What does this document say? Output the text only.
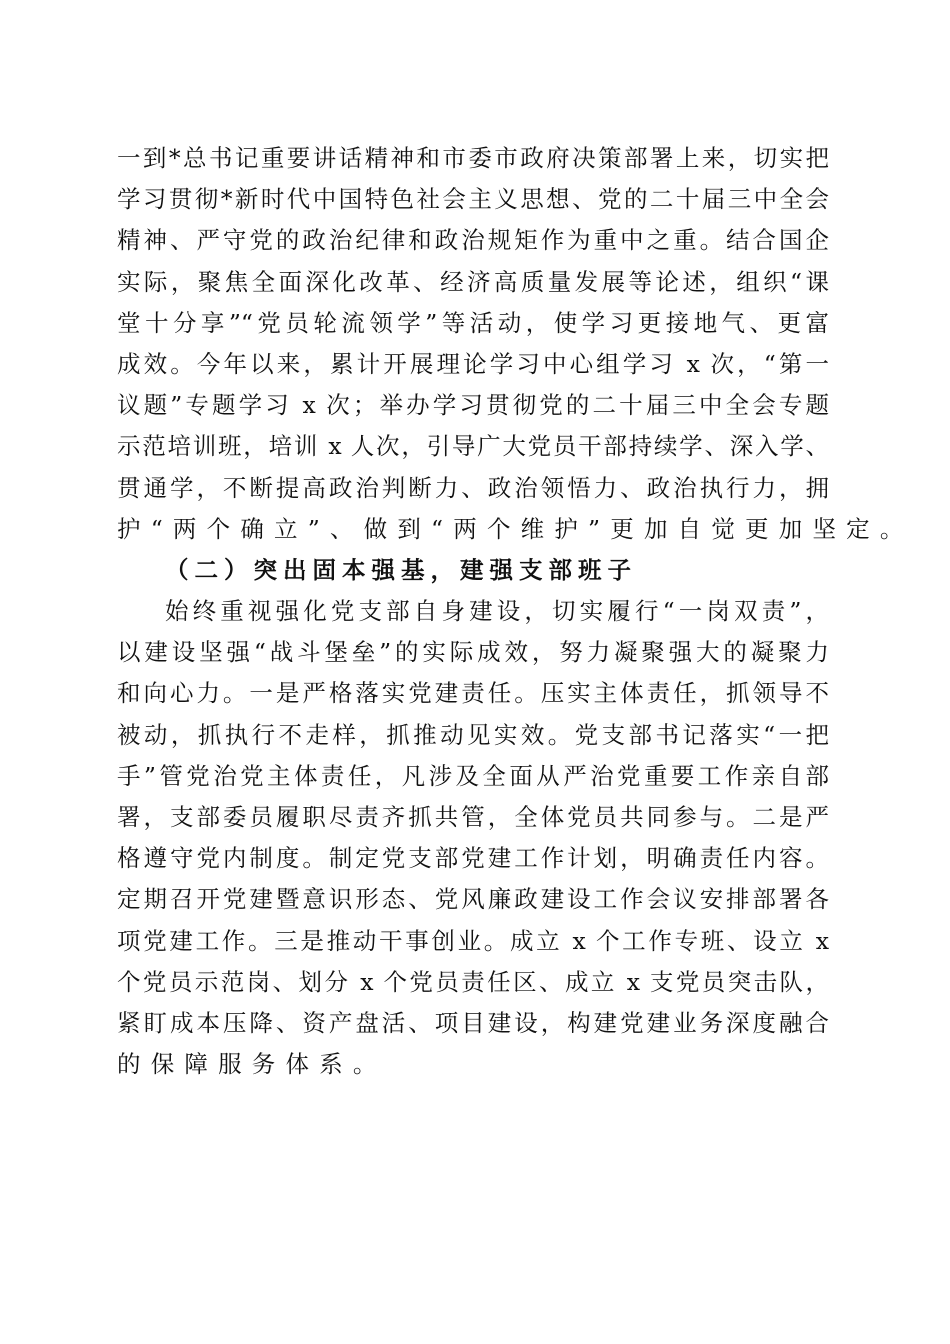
一到*总书记重要讲话精神和市委市政府决策部署上来，切实把
学习贯彻*新时代中国特色社会主义思想、党的二十届三中全会
精神、严守党的政治纪律和政治规矩作为重中之重。结合国企
实际，聚焦全面深化改革、经济高质量发展等论述，组织“课
堂十分享”“党员轮流领学”等活动，使学习更接地气、更富
成效。今年以来，累计开展理论学习中心组学习 x 次，“第一
议题”专题学习 x 次；举办学习贯彻党的二十届三中全会专题
示范培训班，培训 x 人次，引导广大党员干部持续学、深入学、
贯通学，不断提高政治判断力、政治领悟力、政治执行力，拥
护“两个确立”、做到“两个维护”更加自觉更加坚定。
（二）突出固本强基，建强支部班子
始终重视强化党支部自身建设，切实履行“一岗双责”，
以建设坚强“战斗堡垒”的实际成效，努力凝聚强大的凝聚力
和向心力。一是严格落实党建责任。压实主体责任，抓领导不
被动，抓执行不走样，抓推动见实效。党支部书记落实“一把
手”管党治党主体责任，凡涉及全面从严治党重要工作亲自部
署，支部委员履职尽责齐抓共管，全体党员共同参与。二是严
格遵守党内制度。制定党支部党建工作计划，明确责任内容。
定期召开党建暨意识形态、党风廉政建设工作会议安排部署各
项党建工作。三是推动干事创业。成立 x 个工作专班、设立 x
个党员示范岗、划分 x 个党员责任区、成立 x 支党员突击队，
紧盯成本压降、资产盘活、项目建设，构建党建业务深度融合
的保障服务体系。
